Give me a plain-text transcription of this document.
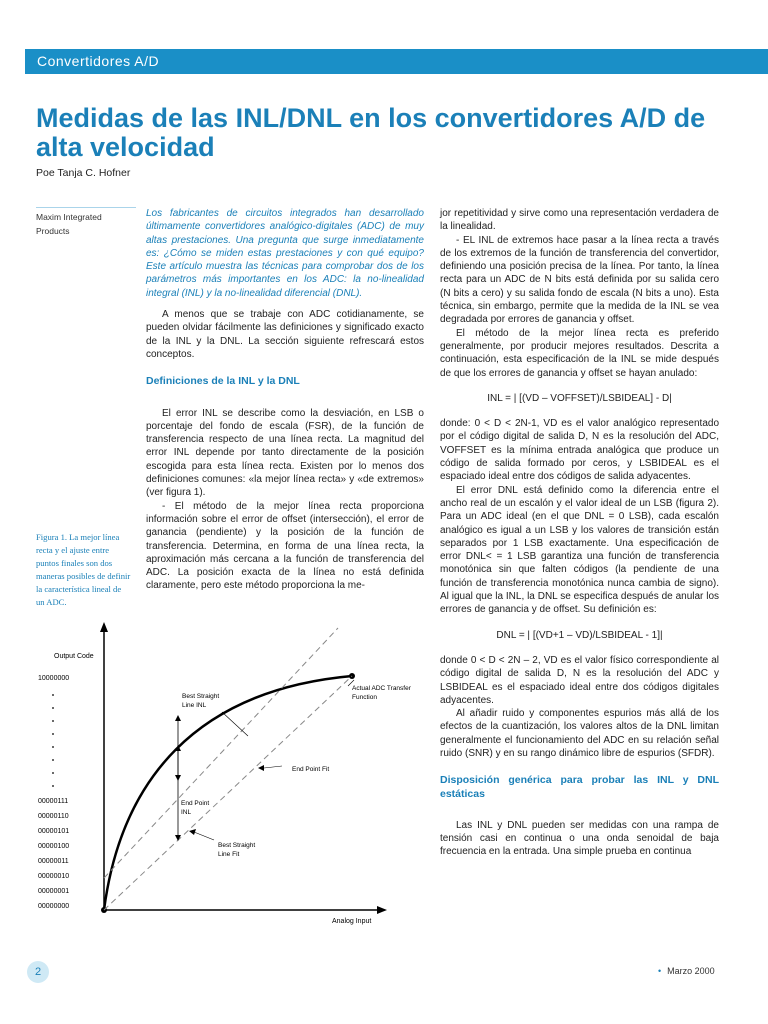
Convertidores A/D
Medidas de las INL/DNL en los convertidores A/D de alta velocidad

Poe Tanja C. Hofner

Maxim Integrated Products
Figura 1. La mejor línea recta y el ajuste entre puntos finales son dos maneras posibles de definir la característica lineal de un ADC.

Los fabricantes de circuitos integrados han desarrollado últimamente convertidores analógico-digitales (ADC) de muy altas prestaciones. Una pregunta que surge inmediatamente es: ¿Cómo se miden estas prestaciones y con qué equipo? Este artículo muestra las técnicas para comprobar dos de los parámetros más importantes en los ADC: la no-linealidad integral (INL) y la no-linealidad diferencial (DNL).

A menos que se trabaje con ADC cotidianamente, se pueden olvidar fácilmente las definiciones y significado exacto de la INL y la DNL. La sección siguiente refrescará estos conceptos.

Definiciones de la INL y la DNL

El error INL se describe como la desviación, en LSB o porcentaje del fondo de escala (FSR), de la función de transferencia respecto de una línea recta. La magnitud del error INL depende por tanto directamente de la posición escogida para esta línea recta. Existen por lo menos dos definiciones comunes: «la mejor línea recta» y «de extremos» (ver figura 1).

- El método de la mejor línea recta proporciona información sobre el error de offset (intersección), el error de ganancia (pendiente) y la posición de la función de transferencia. Determina, en forma de una línea recta, la aproximación más cercana a la función de transferencia del ADC. La posición exacta de la línea no está definida claramente, pero este método proporciona la me-

jor repetitividad y sirve como una representación verdadera de la linealidad.

- EL INL de extremos hace pasar a la línea recta a través de los extremos de la función de transferencia del convertidor, definiendo una posición precisa de la línea. Por tanto, la línea recta para un ADC de N bits está definida por su salida cero (N bits a cero) y su salida fondo de escala (N bits a uno). Esta técnica, sin embargo, permite que la medida de la INL se vea degradada por errores de ganancia y offset.

El método de la mejor línea recta es preferido generalmente, por producir mejores resultados. Descrita a continuación, esta especificación de la INL se mide después de que los errores de ganancia y offset se hayan anulado:

INL = | [(VD – VOFFSET)/LSBIDEAL] - D|

donde: 0 < D < 2N-1, VD es el valor analógico representado por el código digital de salida D, N es la resolución del ADC, VOFFSET es la mínima entrada analógica que produce un código de salida formado por ceros, y LSBIDEAL es el espaciado ideal entre dos códigos de salida adyacentes.

El error DNL está definido como la diferencia entre el ancho real de un escalón y el valor ideal de un LSB (figura 2). Para un ADC ideal (en el que DNL = 0 LSB), cada escalón analógico es igual a un LSB y los valores de transición están separados por 1 LSB exactamente. Una especificación de error DNL< = 1 LSB garantiza una función de transferencia monotónica sin que falten códigos (la pendiente de una función de transferencia monotónica nunca cambia de signo). Al igual que la INL, la DNL se especifica después de anular los errores de ganancia y de offset. Su definición es:

DNL = | [(VD+1 – VD)/LSBIDEAL - 1]|

donde 0 < D < 2N – 2, VD es el valor físico correspondiente al código digital de salida D, N es la resolución del ADC y LSBIDEAL es el espaciado ideal entre dos códigos digitales adyacentes.

Al añadir ruido y componentes espurios más allá de los efectos de la cuantización, los valores altos de la DNL limitan generalmente el funcionamiento del ADC en su relación señal ruido (SNR) y en su rango dinámico libre de espurios (SFDR).

Disposición genérica para probar las INL y DNL estáticas

Las INL y DNL pueden ser medidas con una rampa de tensión casi en continua o una onda senoidal de baja frecuencia en la entrada. Una simple prueba en continua

Output Code
Analog Input
10000000
00000111
00000110
00000101
00000100
00000011
00000010
00000001
00000000
Best Straight Line INL
Actual ADC Transfer Function
End Point Fit
End Point INL
Best Straight Line Fit
2	• Marzo 2000
